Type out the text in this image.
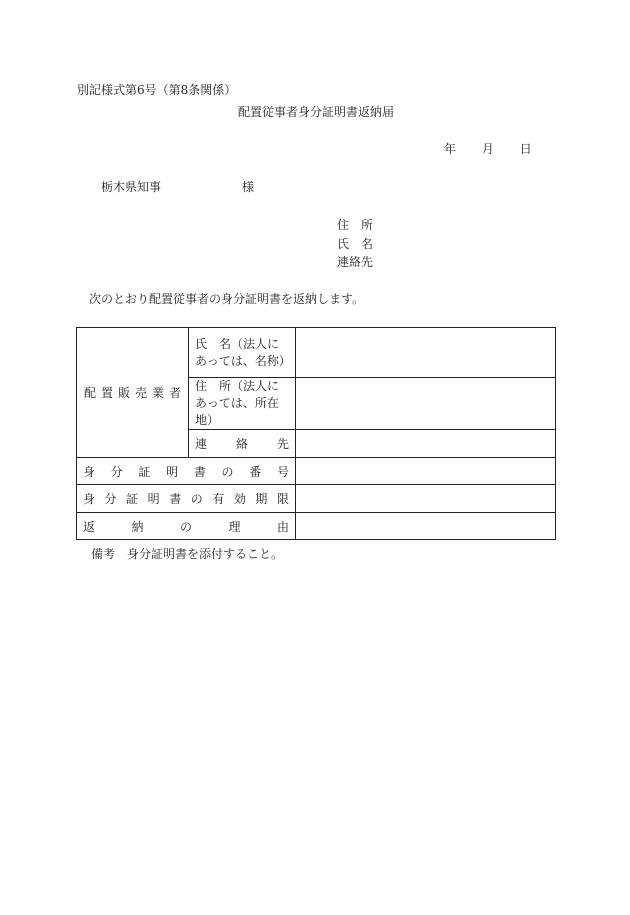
別記様式第6号（第8条関係）
配置従事者身分証明書返納届
年 月 日
栃木県知事	様
住　所
氏　名
連絡先
次のとおり配置従事者の身分証明書を返納します。
配置販売業者	氏　名（法人にあっては、名称）	
	住　所（法人にあっては、所在地）	
	連絡先	
身分証明書の番号		
身分証明書の有効期限		
返納の理由		
備考　身分証明書を添付すること。
